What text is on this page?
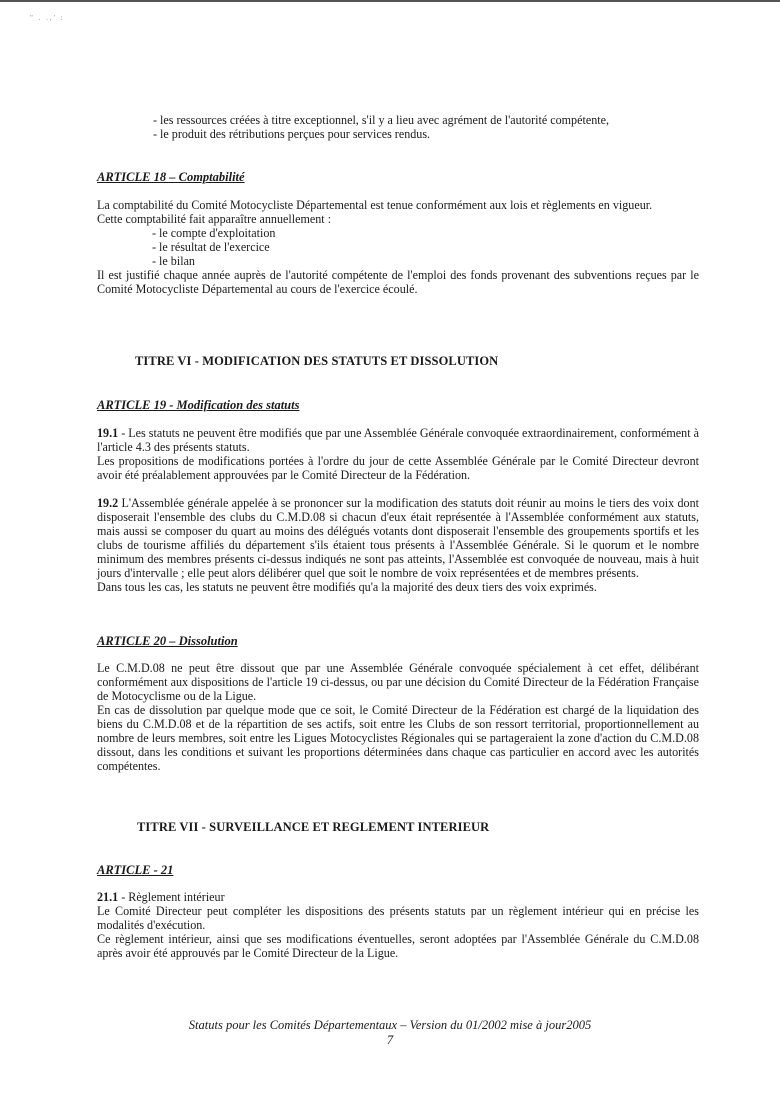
" . .,' :
- les ressources créées à titre exceptionnel, s'il y a lieu avec agrément de l'autorité compétente,
- le produit des rétributions perçues pour services rendus.
ARTICLE 18 – Comptabilité
La comptabilité du Comité Motocycliste Départemental est tenue conformément aux lois et règlements en vigueur.
Cette comptabilité fait apparaître annuellement :
- le compte d'exploitation
- le résultat de l'exercice
- le bilan
Il est justifié chaque année auprès de l'autorité compétente de l'emploi des fonds provenant des subventions reçues par le Comité Motocycliste Départemental au cours de l'exercice écoulé.
TITRE VI - MODIFICATION DES STATUTS ET DISSOLUTION
ARTICLE 19 - Modification des statuts
19.1 - Les statuts ne peuvent être modifiés que par une Assemblée Générale convoquée extraordinairement, conformément à l'article 4.3 des présents statuts.
Les propositions de modifications portées à l'ordre du jour de cette Assemblée Générale par le Comité Directeur devront avoir été préalablement approuvées par le Comité Directeur de la Fédération.
19.2 L'Assemblée générale appelée à se prononcer sur la modification des statuts doit réunir au moins le tiers des voix dont disposerait l'ensemble des clubs du C.M.D.08 si chacun d'eux était représentée à l'Assemblée conformément aux statuts, mais aussi se composer du quart au moins des délégués votants dont disposerait l'ensemble des groupements sportifs et les clubs de tourisme affiliés du département s'ils étaient tous présents à l'Assemblée Générale. Si le quorum et le nombre minimum des membres présents ci-dessus indiqués ne sont pas atteints, l'Assemblée est convoquée de nouveau, mais à huit jours d'intervalle ; elle peut alors délibérer quel que soit le nombre de voix représentées et de membres présents.
Dans tous les cas, les statuts ne peuvent être modifiés qu'a la majorité des deux tiers des voix exprimés.
ARTICLE 20 – Dissolution
Le C.M.D.08 ne peut être dissout que par une Assemblée Générale convoquée spécialement à cet effet, délibérant conformément aux dispositions de l'article 19 ci-dessus, ou par une décision du Comité Directeur de la Fédération Française de Motocyclisme ou de la Ligue.
En cas de dissolution par quelque mode que ce soit, le Comité Directeur de la Fédération est chargé de la liquidation des biens du C.M.D.08 et de la répartition de ses actifs, soit entre les Clubs de son ressort territorial, proportionnellement au nombre de leurs membres, soit entre les Ligues Motocyclistes Régionales qui se partageraient la zone d'action du C.M.D.08 dissout, dans les conditions et suivant les proportions déterminées dans chaque cas particulier en accord avec les autorités compétentes.
TITRE VII - SURVEILLANCE ET REGLEMENT INTERIEUR
ARTICLE - 21
21.1 - Règlement intérieur
Le Comité Directeur peut compléter les dispositions des présents statuts par un règlement intérieur qui en précise les modalités d'exécution.
Ce règlement intérieur, ainsi que ses modifications éventuelles, seront adoptées par l'Assemblée Générale du C.M.D.08 après avoir été approuvés par le Comité Directeur de la Ligue.
Statuts pour les Comités Départementaux – Version du 01/2002 mise à jour2005
7
